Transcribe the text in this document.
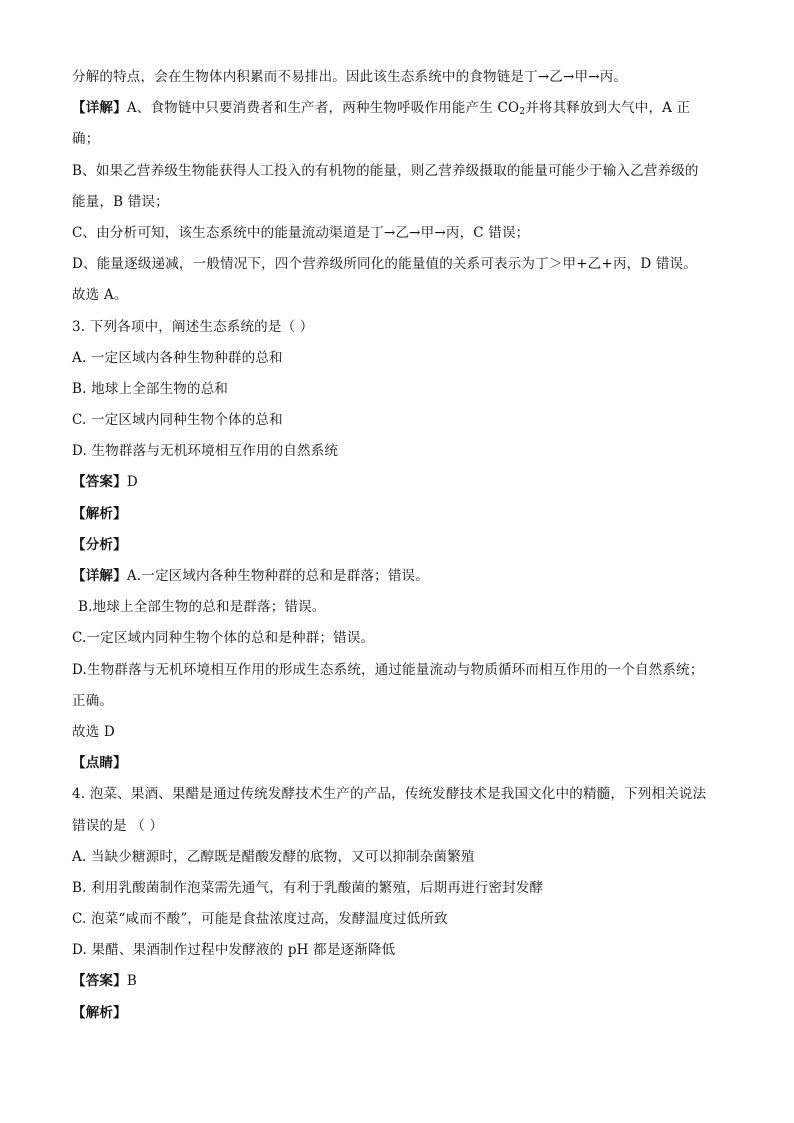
分解的特点，会在生物体内积累而不易排出。因此该生态系统中的食物链是丁→乙→甲→丙。
【详解】A、食物链中只要消费者和生产者，两种生物呼吸作用能产生 $CO_2$并将其释放到大气中，A 正
确；
B、如果乙营养级生物能获得人工投入的有机物的能量，则乙营养级摄取的能量可能少于输入乙营养级的
能量，B 错误；
C、由分析可知，该生态系统中的能量流动渠道是丁→乙→甲→丙，C 错误；
D、能量逐级递减，一般情况下，四个营养级所同化的能量值的关系可表示为丁＞甲+乙+丙，D 错误。
故选 A。
3. 下列各项中，阐述生态系统的是（ ）
A. 一定区域内各种生物种群的总和
B. 地球上全部生物的总和
C. 一定区域内同种生物个体的总和
D. 生物群落与无机环境相互作用的自然系统
【答案】D
【解析】
【分析】
【详解】A.一定区域内各种生物种群的总和是群落；错误。
B.地球上全部生物的总和是群落；错误。
C.一定区域内同种生物个体的总和是种群；错误。
D.生物群落与无机环境相互作用的形成生态系统，通过能量流动与物质循环而相互作用的一个自然系统；
正确。
故选 D
【点睛】
4. 泡菜、果酒、果醋是通过传统发酵技术生产的产品，传统发酵技术是我国文化中的精髓，下列相关说法
错误的是 （ ）
A. 当缺少糖源时，乙醇既是醋酸发酵的底物，又可以抑制杂菌繁殖
B. 利用乳酸菌制作泡菜需先通气，有利于乳酸菌的繁殖，后期再进行密封发酵
C. 泡菜“咸而不酸”，可能是食盐浓度过高，发酵温度过低所致
D. 果醋、果酒制作过程中发酵液的 pH 都是逐渐降低
【答案】B
【解析】
